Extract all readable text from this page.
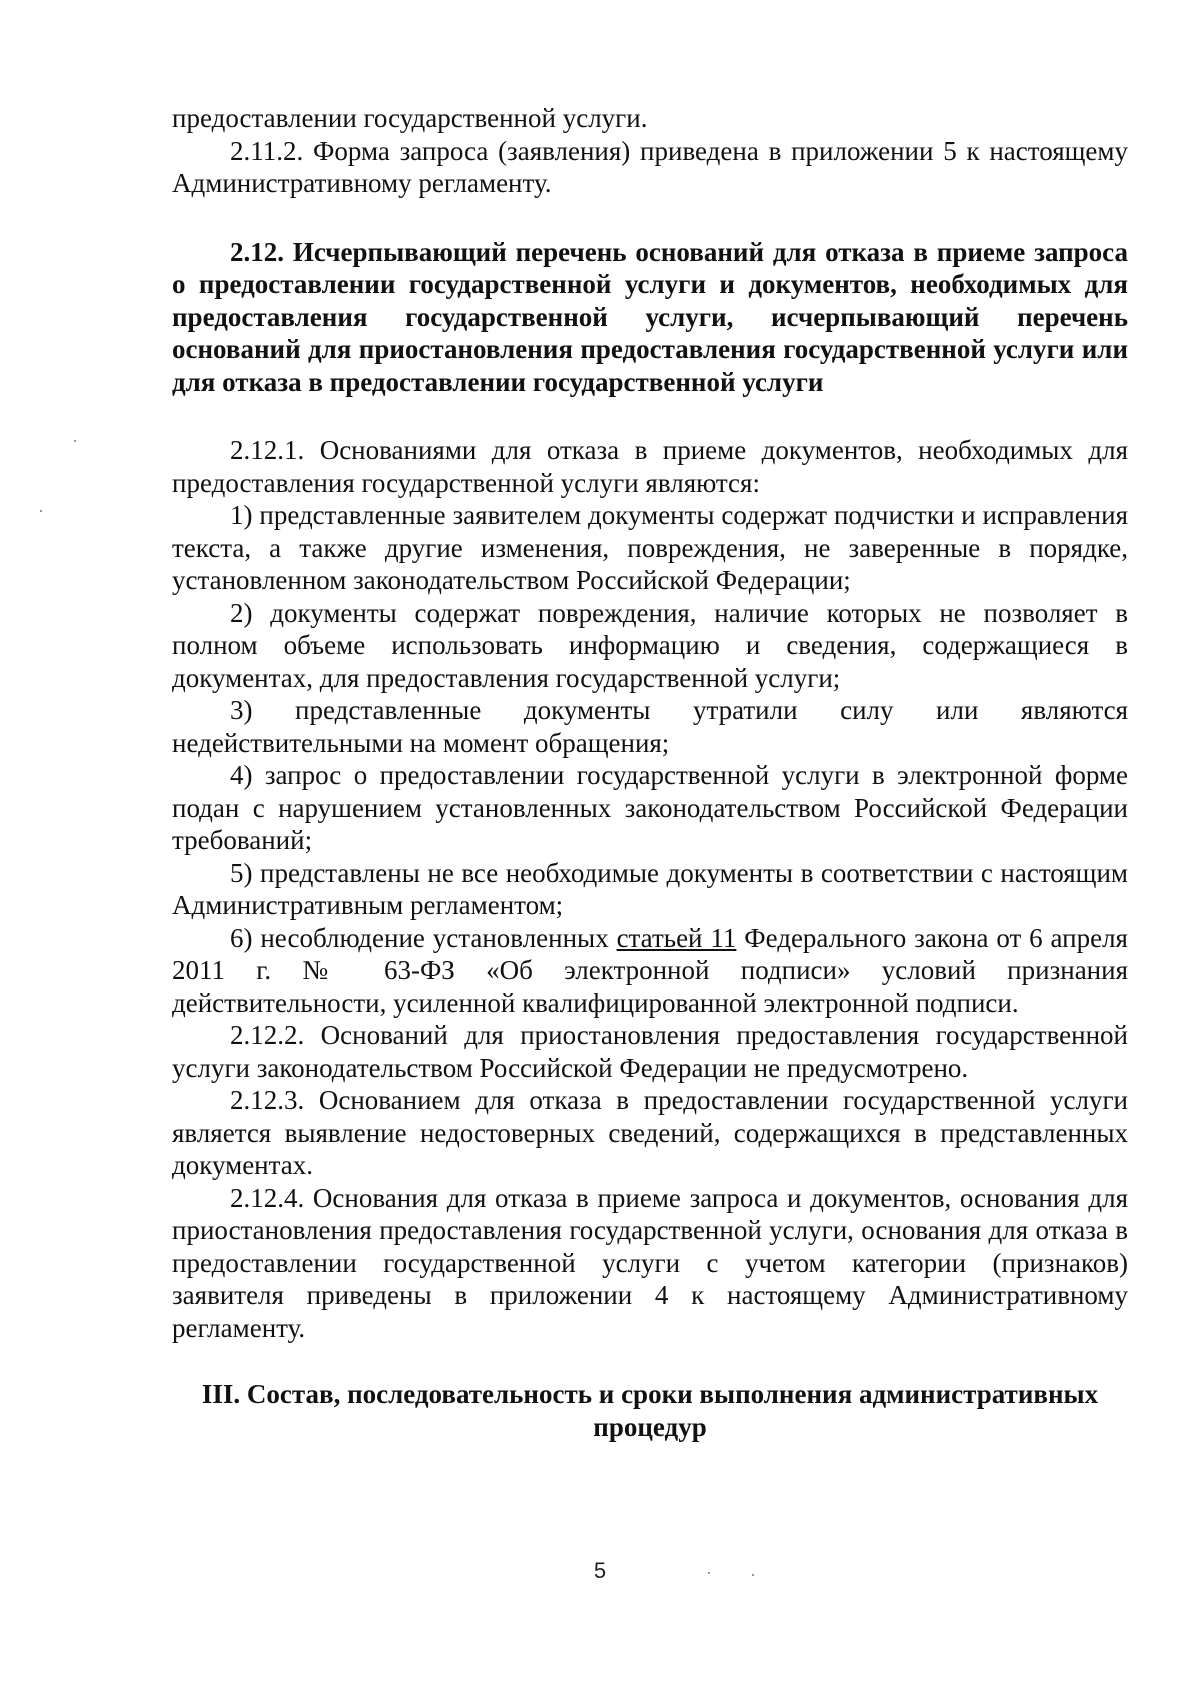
предоставлении государственной услуги.

2.11.2. Форма запроса (заявления) приведена в приложении 5 к настоящему Административному регламенту.

2.12. Исчерпывающий перечень оснований для отказа в приеме запроса о предоставлении государственной услуги и документов, необходимых для предоставления государственной услуги, исчерпывающий перечень оснований для приостановления предоставления государственной услуги или для отказа в предоставлении государственной услуги

2.12.1. Основаниями для отказа в приеме документов, необходимых для предоставления государственной услуги являются:

1) представленные заявителем документы содержат подчистки и исправления текста, а также другие изменения, повреждения, не заверенные в порядке, установленном законодательством Российской Федерации;

2) документы содержат повреждения, наличие которых не позволяет в полном объеме использовать информацию и сведения, содержащиеся в документах, для предоставления государственной услуги;

3) представленные документы утратили силу или являются недействительными на момент обращения;

4) запрос о предоставлении государственной услуги в электронной форме подан с нарушением установленных законодательством Российской Федерации требований;

5) представлены не все необходимые документы в соответствии с настоящим Административным регламентом;

6) несоблюдение установленных статьей 11 Федерального закона от 6 апреля 2011 г. № 63-ФЗ «Об электронной подписи» условий признания действительности, усиленной квалифицированной электронной подписи.

2.12.2. Оснований для приостановления предоставления государственной услуги законодательством Российской Федерации не предусмотрено.

2.12.3. Основанием для отказа в предоставлении государственной услуги является выявление недостоверных сведений, содержащихся в представленных документах.

2.12.4. Основания для отказа в приеме запроса и документов, основания для приостановления предоставления государственной услуги, основания для отказа в предоставлении государственной услуги с учетом категории (признаков) заявителя приведены в приложении 4 к настоящему Административному регламенту.

III. Состав, последовательность и сроки выполнения административных процедур

5
